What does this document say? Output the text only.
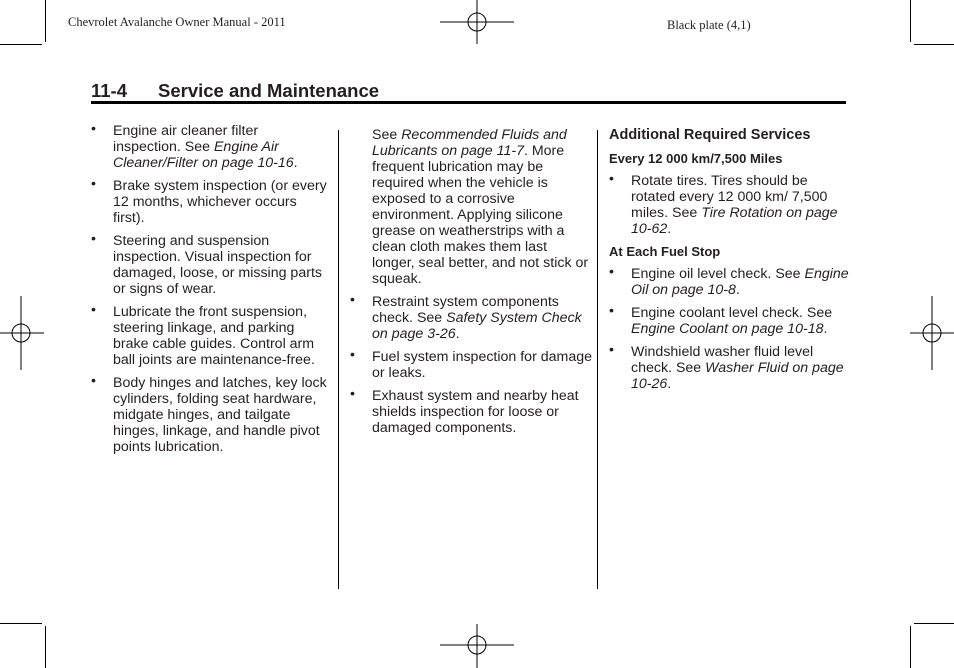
Chevrolet Avalanche Owner Manual - 2011	Black plate (4,1)
11-4 Service and Maintenance
• Engine air cleaner filter inspection. See Engine Air Cleaner/Filter on page 10-16.
• Brake system inspection (or every 12 months, whichever occurs first).
• Steering and suspension inspection. Visual inspection for damaged, loose, or missing parts or signs of wear.
• Lubricate the front suspension, steering linkage, and parking brake cable guides. Control arm ball joints are maintenance-free.
• Body hinges and latches, key lock cylinders, folding seat hardware, midgate hinges, and tailgate hinges, linkage, and handle pivot points lubrication.
See Recommended Fluids and Lubricants on page 11-7. More frequent lubrication may be required when the vehicle is exposed to a corrosive environment. Applying silicone grease on weatherstrips with a clean cloth makes them last longer, seal better, and not stick or squeak.
• Restraint system components check. See Safety System Check on page 3-26.
• Fuel system inspection for damage or leaks.
• Exhaust system and nearby heat shields inspection for loose or damaged components.
Additional Required Services
Every 12 000 km/7,500 Miles
• Rotate tires. Tires should be rotated every 12 000 km/ 7,500 miles. See Tire Rotation on page 10-62.
At Each Fuel Stop
• Engine oil level check. See Engine Oil on page 10-8.
• Engine coolant level check. See Engine Coolant on page 10-18.
• Windshield washer fluid level check. See Washer Fluid on page 10-26.
